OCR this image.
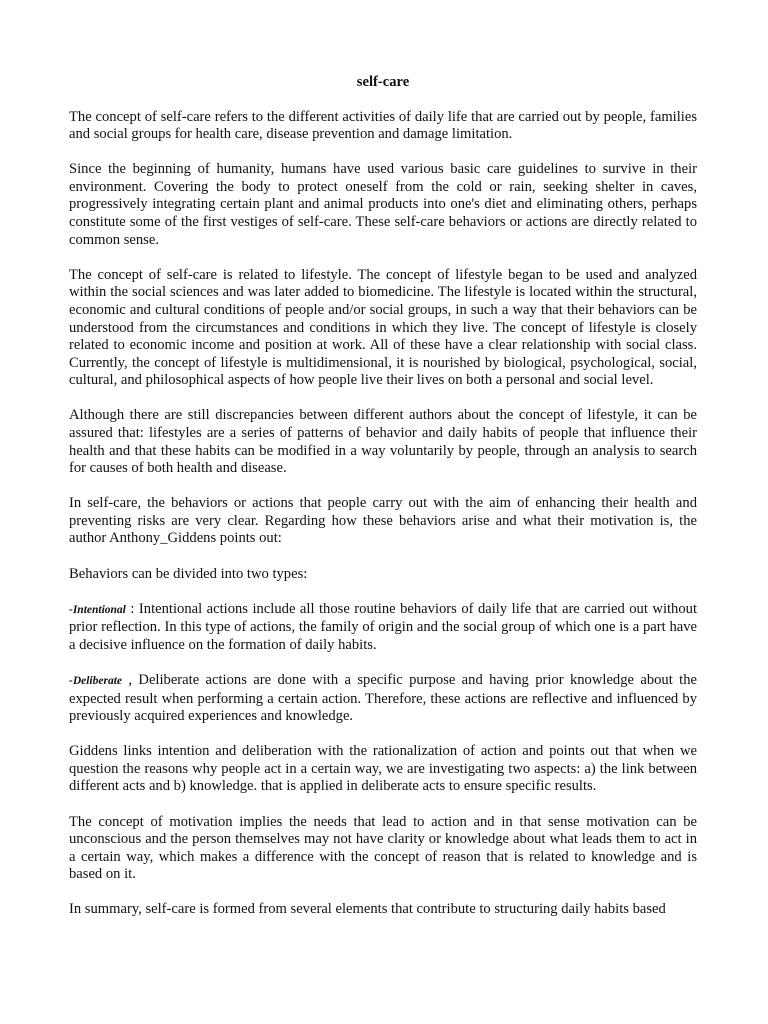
self-care

The concept of self-care refers to the different activities of daily life that are carried out by people, families and social groups for health care, disease prevention and damage limitation.

Since the beginning of humanity, humans have used various basic care guidelines to survive in their environment. Covering the body to protect oneself from the cold or rain, seeking shelter in caves, progressively integrating certain plant and animal products into one's diet and eliminating others, perhaps constitute some of the first vestiges of self-care. These self-care behaviors or actions are directly related to common sense.

The concept of self-care is related to lifestyle. The concept of lifestyle began to be used and analyzed within the social sciences and was later added to biomedicine. The lifestyle is located within the structural, economic and cultural conditions of people and/or social groups, in such a way that their behaviors can be understood from the circumstances and conditions in which they live. The concept of lifestyle is closely related to economic income and position at work. All of these have a clear relationship with social class. Currently, the concept of lifestyle is multidimensional, it is nourished by biological, psychological, social, cultural, and philosophical aspects of how people live their lives on both a personal and social level.

Although there are still discrepancies between different authors about the concept of lifestyle, it can be assured that: lifestyles are a series of patterns of behavior and daily habits of people that influence their health and that these habits can be modified in a way voluntarily by people, through an analysis to search for causes of both health and disease.

In self-care, the behaviors or actions that people carry out with the aim of enhancing their health and preventing risks are very clear. Regarding how these behaviors arise and what their motivation is, the author Anthony_Giddens points out:

Behaviors can be divided into two types:

-Intentional : Intentional actions include all those routine behaviors of daily life that are carried out without prior reflection. In this type of actions, the family of origin and the social group of which one is a part have a decisive influence on the formation of daily habits.

-Deliberate , Deliberate actions are done with a specific purpose and having prior knowledge about the expected result when performing a certain action. Therefore, these actions are reflective and influenced by previously acquired experiences and knowledge.

Giddens links intention and deliberation with the rationalization of action and points out that when we question the reasons why people act in a certain way, we are investigating two aspects: a) the link between different acts and b) knowledge. that is applied in deliberate acts to ensure specific results.

The concept of motivation implies the needs that lead to action and in that sense motivation can be unconscious and the person themselves may not have clarity or knowledge about what leads them to act in a certain way, which makes a difference with the concept of reason that is related to knowledge and is based on it.

In summary, self-care is formed from several elements that contribute to structuring daily habits based
